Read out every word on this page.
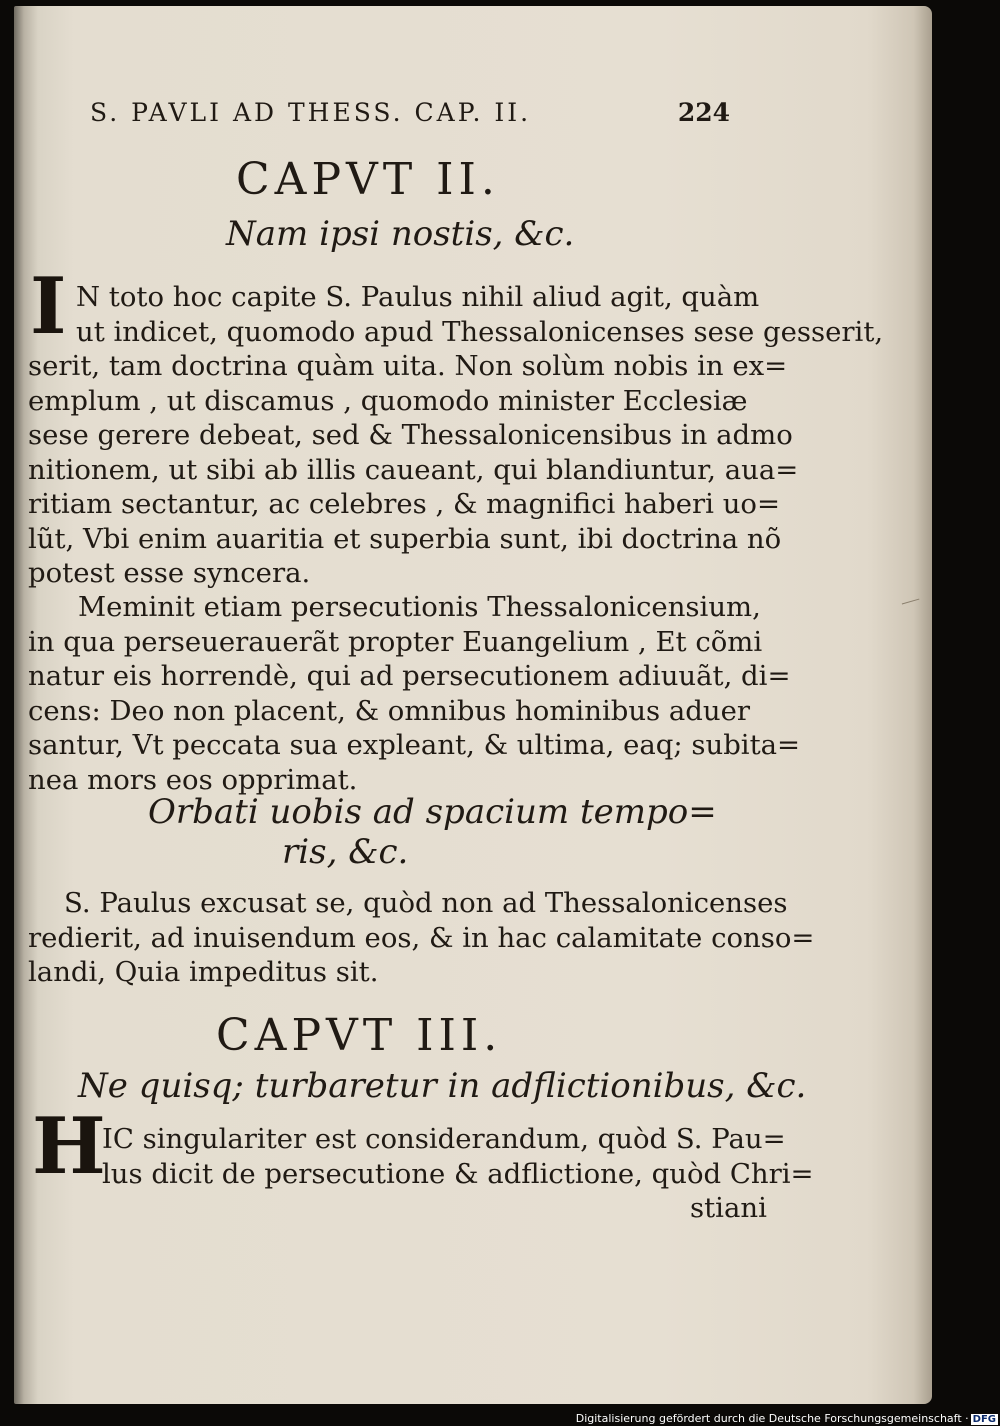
S. PAVLI AD THESS. CAP. II.	224
CAPVT II.
Nam ipsi nostis, &c.
I N toto hoc capite S. Paulus nihil aliud agit, quàm
ut indicet, quomodo apud Thessalonicenses sese gesserit,
serit, tam doctrina quàm uita. Non solùm nobis in ex=
emplum , ut discamus , quomodo minister Ecclesiæ
sese gerere debeat, sed & Thessalonicensibus in admo
nitionem, ut sibi ab illis caueant, qui blandiuntur, aua=
ritiam sectantur, ac celebres , & magnifici haberi uo=
lũt, Vbi enim auaritia et superbia sunt, ibi doctrina nõ
potest esse syncera.
Meminit etiam persecutionis Thessalonicensium,
in qua perseuerauerãt propter Euangelium , Et cõmi
natur eis horrendè, qui ad persecutionem adiuuãt, di=
cens: Deo non placent, & omnibus hominibus aduer
santur, Vt peccata sua expleant, & ultima, eaq; subita=
nea mors eos opprimat.
Orbati uobis ad spacium tempo=
ris, &c.
S. Paulus excusat se, quòd non ad Thessalonicenses
redierit, ad inuisendum eos, & in hac calamitate conso=
landi, Quia impeditus sit.
CAPVT III.
Ne quisq; turbaretur in adflictionibus, &c.
H
IC singulariter est considerandum, quòd S. Pau=
lus dicit de persecutione & adflictione, quòd Chri=
stiani
Digitalisierung gefördert durch die Deutsche Forschungsgemeinschaft · DFG
